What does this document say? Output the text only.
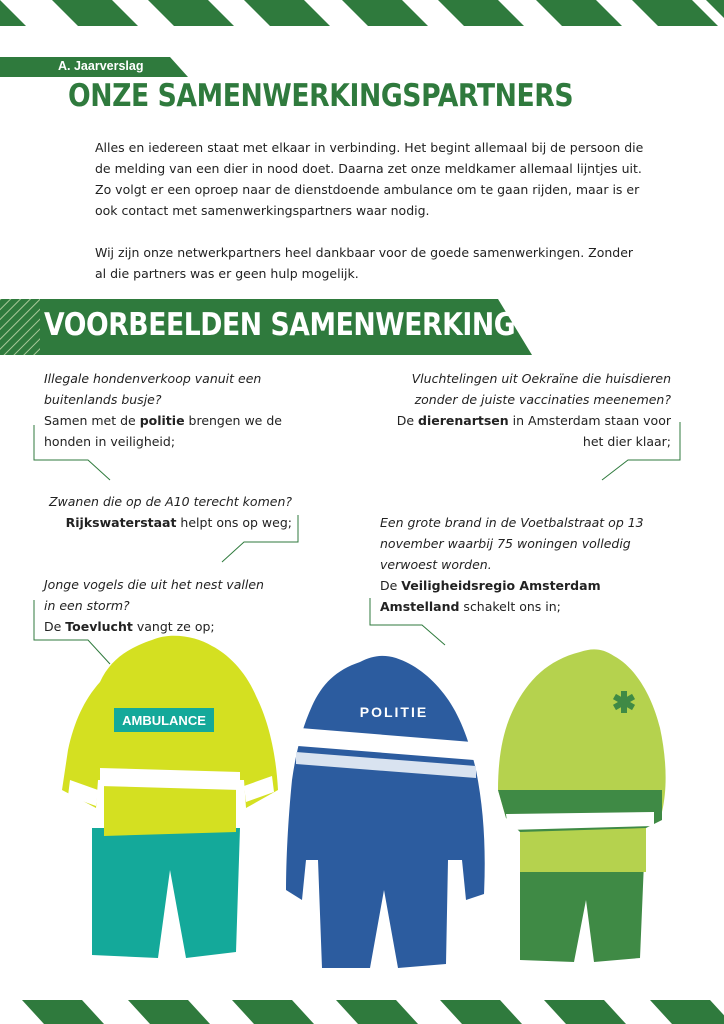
A. Jaarverslag
ONZE SAMENWERKINGSPARTNERS

Alles en iedereen staat met elkaar in verbinding. Het begint allemaal bij de persoon die de melding van een dier in nood doet. Daarna zet onze meldkamer allemaal lijntjes uit. Zo volgt er een oproep naar de dienstdoende ambulance om te gaan rijden, maar is er ook contact met samenwerkingspartners waar nodig.

Wij zijn onze netwerkpartners heel dankbaar voor de goede samenwerkingen. Zonder al die partners was er geen hulp mogelijk.

VOORBEELDEN SAMENWERKING
Illegale hondenverkoop vanuit een buitenlands busje?
Samen met de politie brengen we de honden in veiligheid;
Vluchtelingen uit Oekraïne die huisdieren zonder de juiste vaccinaties meenemen?
De dierenartsen in Amsterdam staan voor het dier klaar;
Zwanen die op de A10 terecht komen?
Rijkswaterstaat helpt ons op weg;	Een grote brand in de Voetbalstraat op 13 november waarbij 75 woningen volledig verwoest worden.
De Veiligheidsregio Amsterdam Amstelland schakelt ons in;
Jonge vogels die uit het nest vallen in een storm?
De Toevlucht vangt ze op;
AMBULANCE
POLITIE
